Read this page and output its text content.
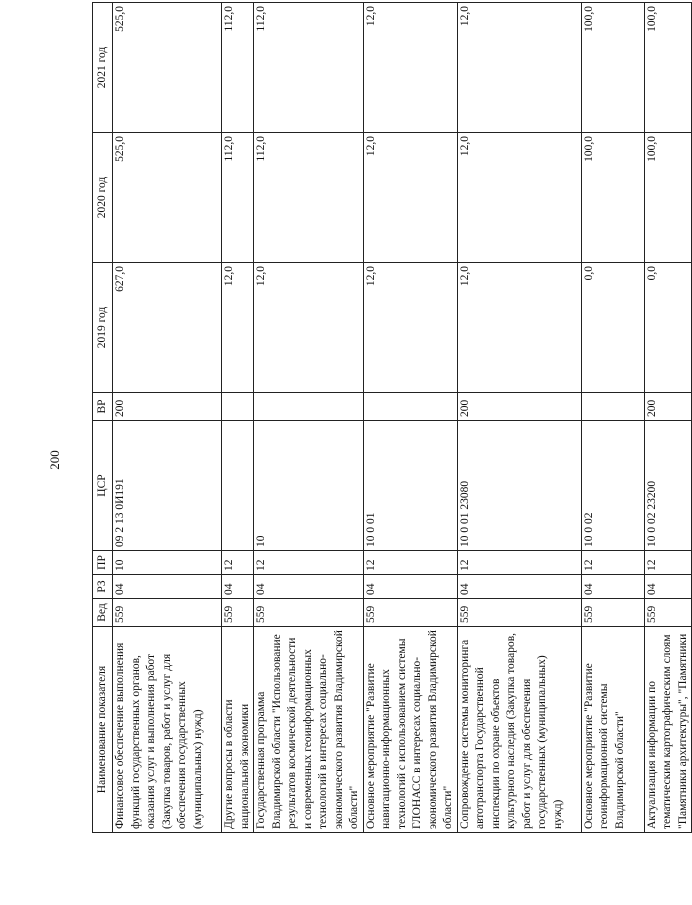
200
Наименование показателя	Вед	РЗ	ПР	ЦСР	ВР	2019 год	2020 год	2021 год
Финансовое обеспечение выполнения функций государственных органов, оказания услуг и выполнения работ (Закупка товаров, работ и услуг для обеспечения государственных (муниципальных) нужд)	559	04	10	09 2 13 0И191	200	627,0	525,0	525,0
Другие вопросы в области национальной экономики	559	04	12			12,0	112,0	112,0
Государственная программа Владимирской области "Использование результатов космической деятельности и современных геоинформационных технологий в интересах социально-экономического развития Владимирской области"	559	04	12	10		12,0	112,0	112,0
Основное мероприятие "Развитие навигационно-информационных технологий с использованием системы ГЛОНАСС в интересах социально-экономического развития Владимирской области"	559	04	12	10 0 01		12,0	12,0	12,0
Сопровождение системы мониторинга автотранспорта Государственной инспекции по охране объектов культурного наследия (Закупка товаров, работ и услуг для обеспечения государственных (муниципальных) нужд)	559	04	12	10 0 01 23080	200	12,0	12,0	12,0
Основное мероприятие "Развитие геоинформационной системы Владимирской области"	559	04	12	10 0 02		0,0	100,0	100,0
Актуализация информации по тематическим картографическим слоям "Памятники архитектуры", "Памятники	559	04	12	10 0 02 23200	200	0,0	100,0	100,0
